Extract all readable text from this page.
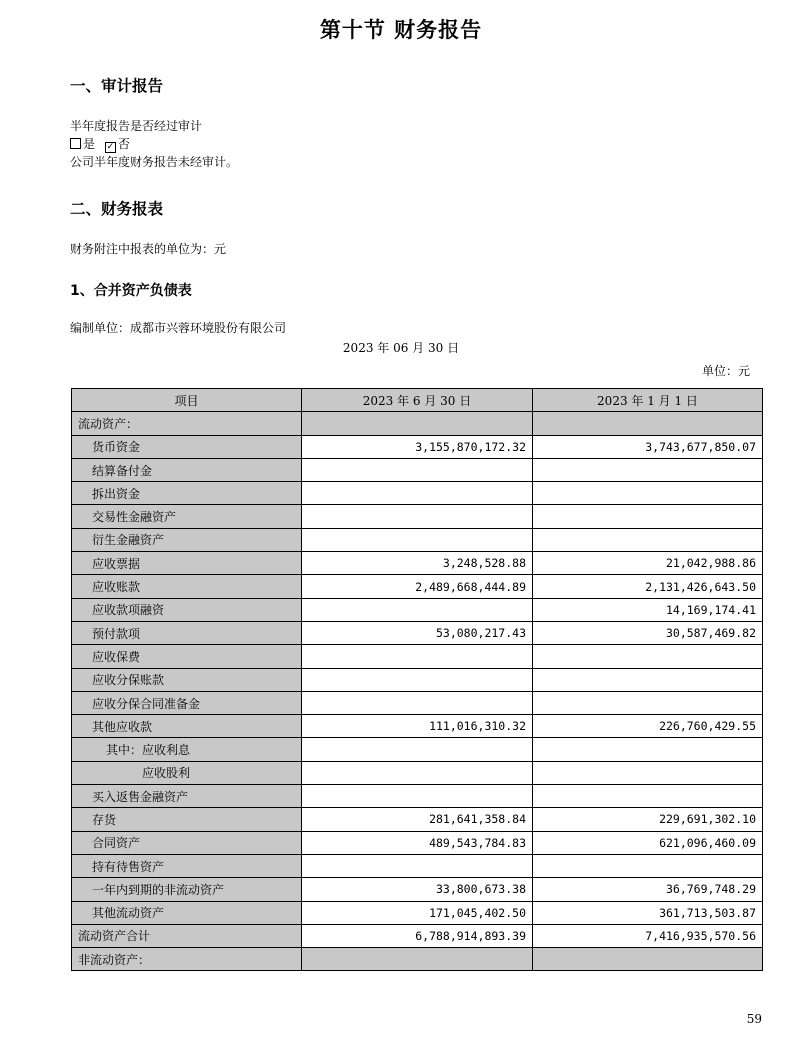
第十节 财务报告
一、审计报告
半年度报告是否经过审计
是 ✓ 否
公司半年度财务报告未经审计。
二、财务报表
财务附注中报表的单位为：元
1、合并资产负债表
编制单位：成都市兴蓉环境股份有限公司
2023 年 06 月 30 日
单位：元
项目	2023 年 6 月 30 日	2023 年 1 月 1 日
流动资产：		
货币资金	3,155,870,172.32	3,743,677,850.07
结算备付金		
拆出资金		
交易性金融资产		
衍生金融资产		
应收票据	3,248,528.88	21,042,988.86
应收账款	2,489,668,444.89	2,131,426,643.50
应收款项融资		14,169,174.41
预付款项	53,080,217.43	30,587,469.82
应收保费		
应收分保账款		
应收分保合同准备金		
其他应收款	111,016,310.32	226,760,429.55
其中：应收利息		
应收股利		
买入返售金融资产		
存货	281,641,358.84	229,691,302.10
合同资产	489,543,784.83	621,096,460.09
持有待售资产		
一年内到期的非流动资产	33,800,673.38	36,769,748.29
其他流动资产	171,045,402.50	361,713,503.87
流动资产合计	6,788,914,893.39	7,416,935,570.56
非流动资产：		
59
